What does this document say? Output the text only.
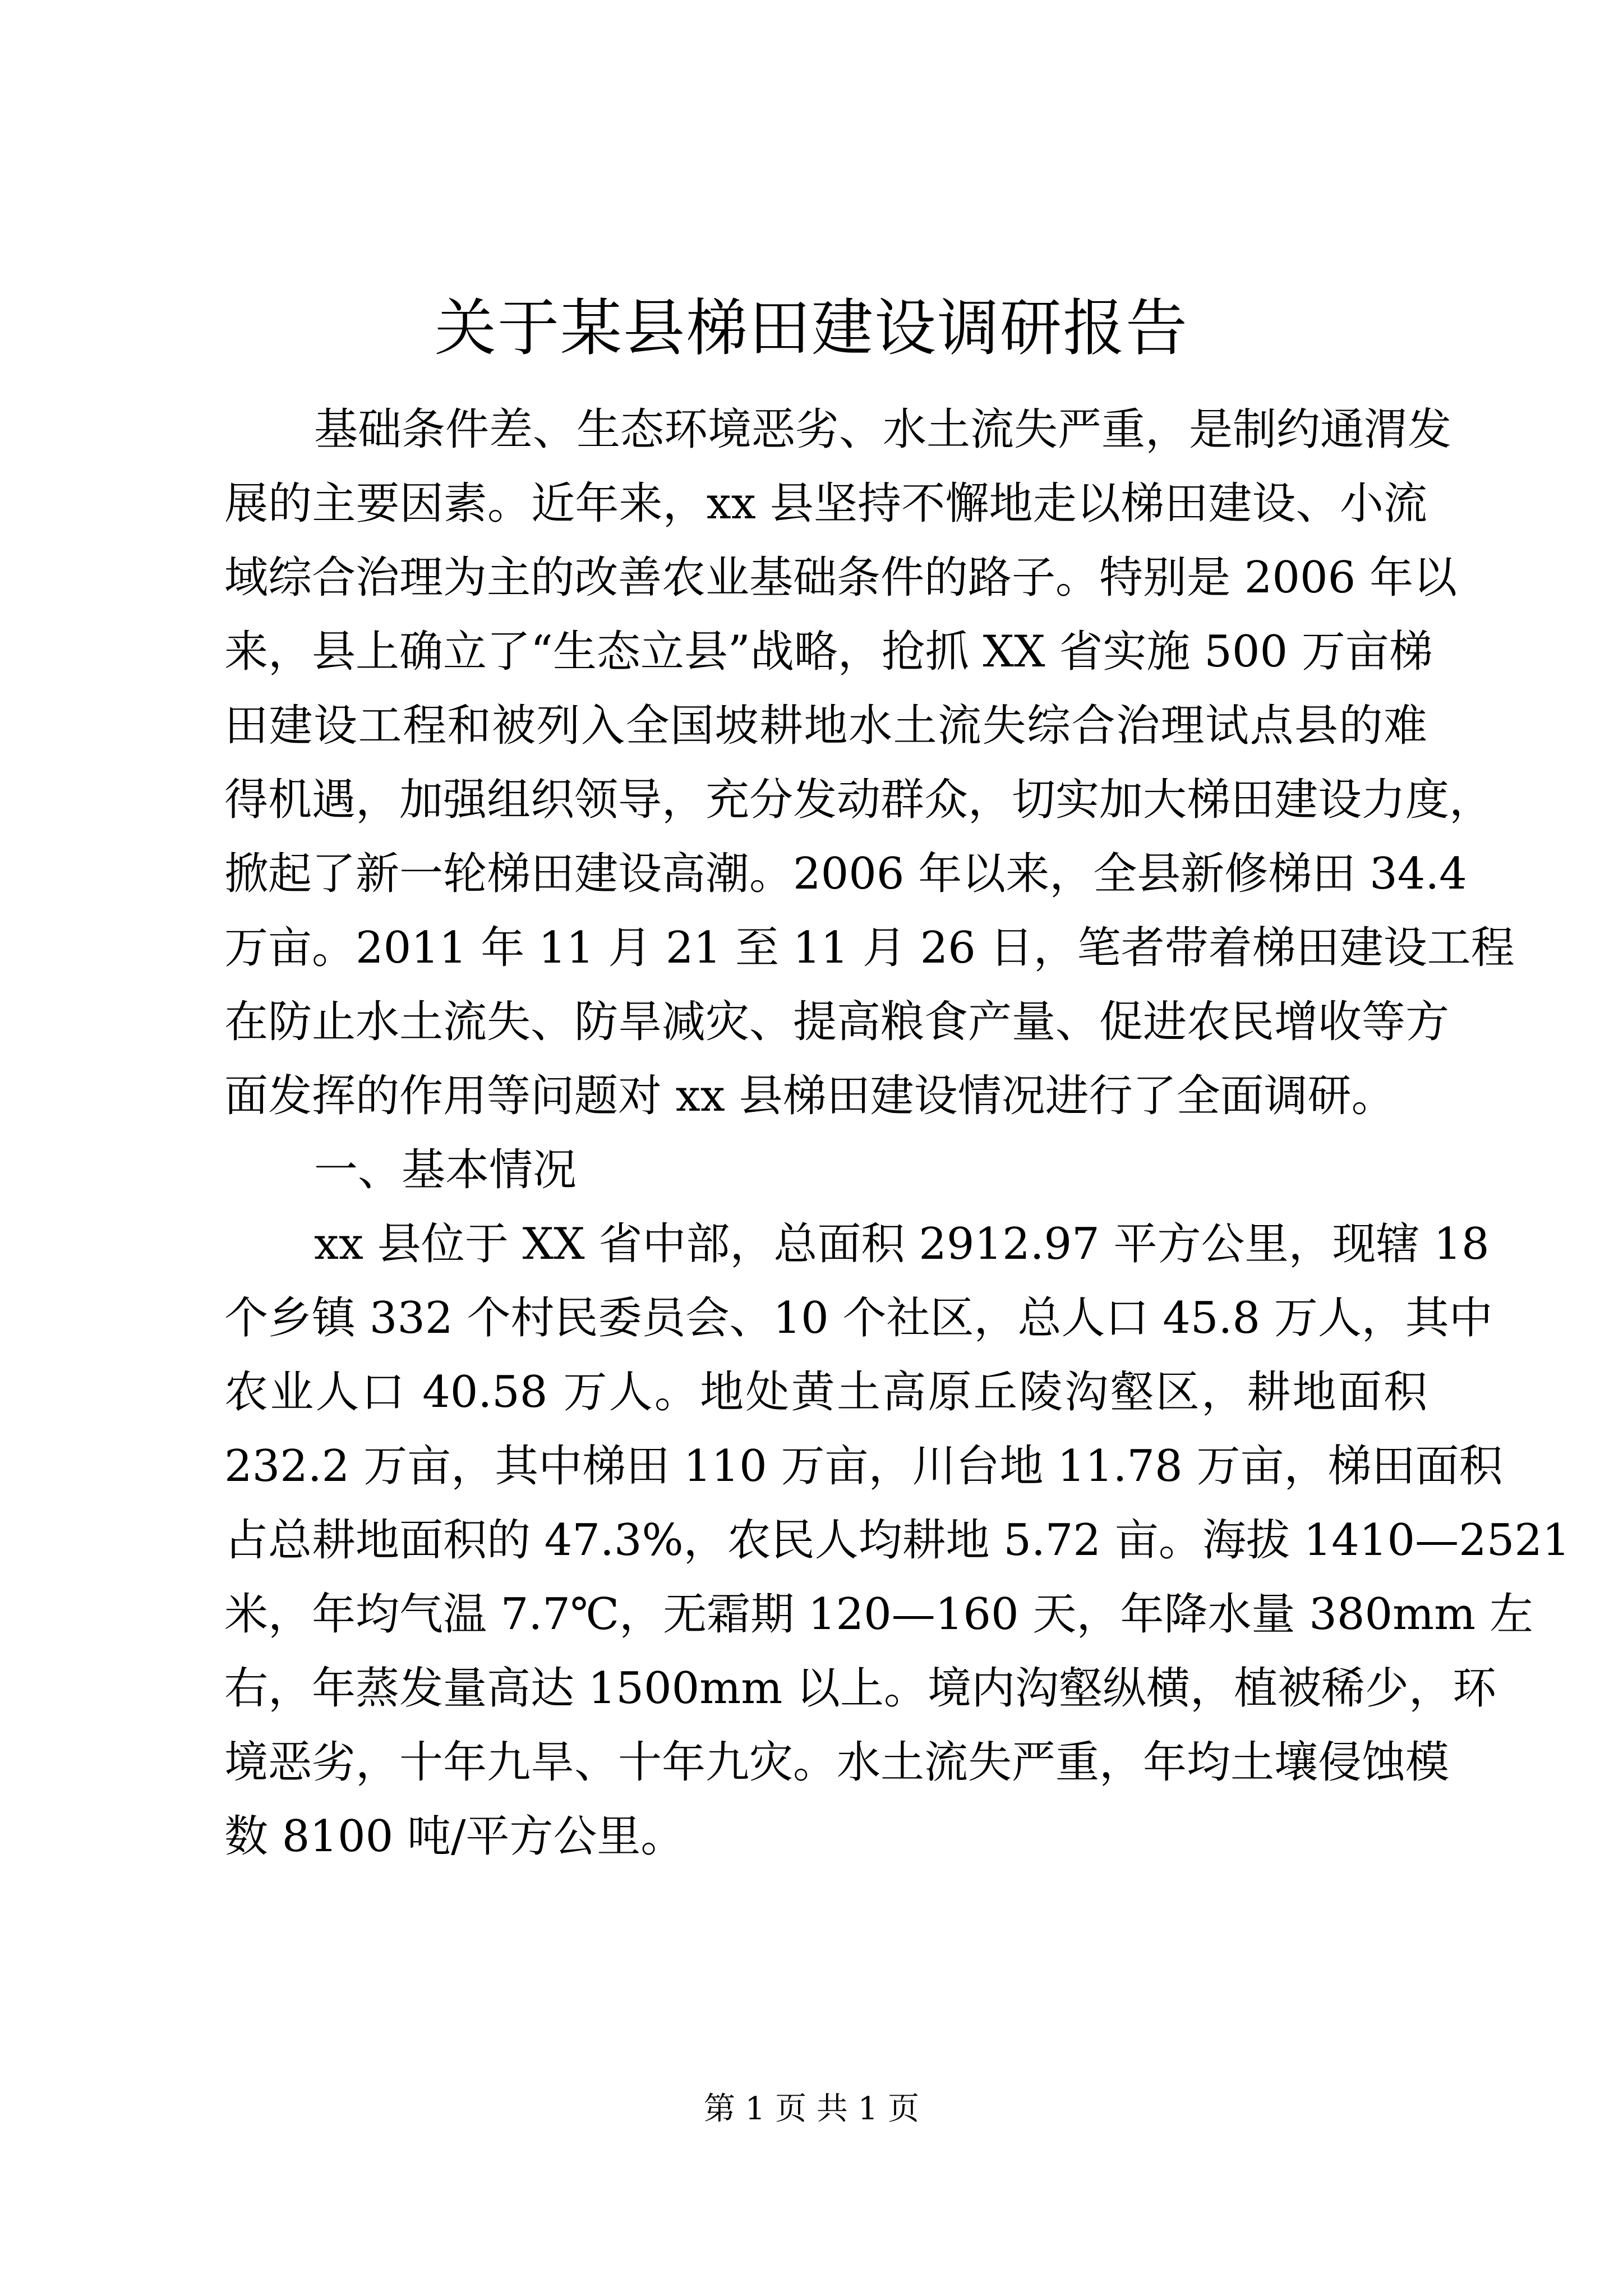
关于某县梯田建设调研报告
基础条件差、生态环境恶劣、水土流失严重，是制约通渭发
展的主要因素。近年来，xx 县坚持不懈地走以梯田建设、小流
域综合治理为主的改善农业基础条件的路子。特别是 2006 年以
来，县上确立了“生态立县”战略，抢抓 XX 省实施 500 万亩梯
田建设工程和被列入全国坡耕地水土流失综合治理试点县的难
得机遇，加强组织领导，充分发动群众，切实加大梯田建设力度，
掀起了新一轮梯田建设高潮。2006 年以来，全县新修梯田 34.4
万亩。2011 年 11 月 21 至 11 月 26 日，笔者带着梯田建设工程
在防止水土流失、防旱减灾、提高粮食产量、促进农民增收等方
面发挥的作用等问题对 xx 县梯田建设情况进行了全面调研。
一、基本情况
xx 县位于 XX 省中部，总面积 2912.97 平方公里，现辖 18
个乡镇 332 个村民委员会、10 个社区，总人口 45.8 万人，其中
农业人口 40.58 万人。地处黄土高原丘陵沟壑区，耕地面积
232.2 万亩，其中梯田 110 万亩，川台地 11.78 万亩，梯田面积
占总耕地面积的 47.3%，农民人均耕地 5.72 亩。海拔 1410—2521
米，年均气温 7.7℃，无霜期 120—160 天，年降水量 380mm 左
右，年蒸发量高达 1500mm 以上。境内沟壑纵横，植被稀少，环
境恶劣，十年九旱、十年九灾。水土流失严重，年均土壤侵蚀模
数 8100 吨/平方公里。
第 1 页 共 1 页
